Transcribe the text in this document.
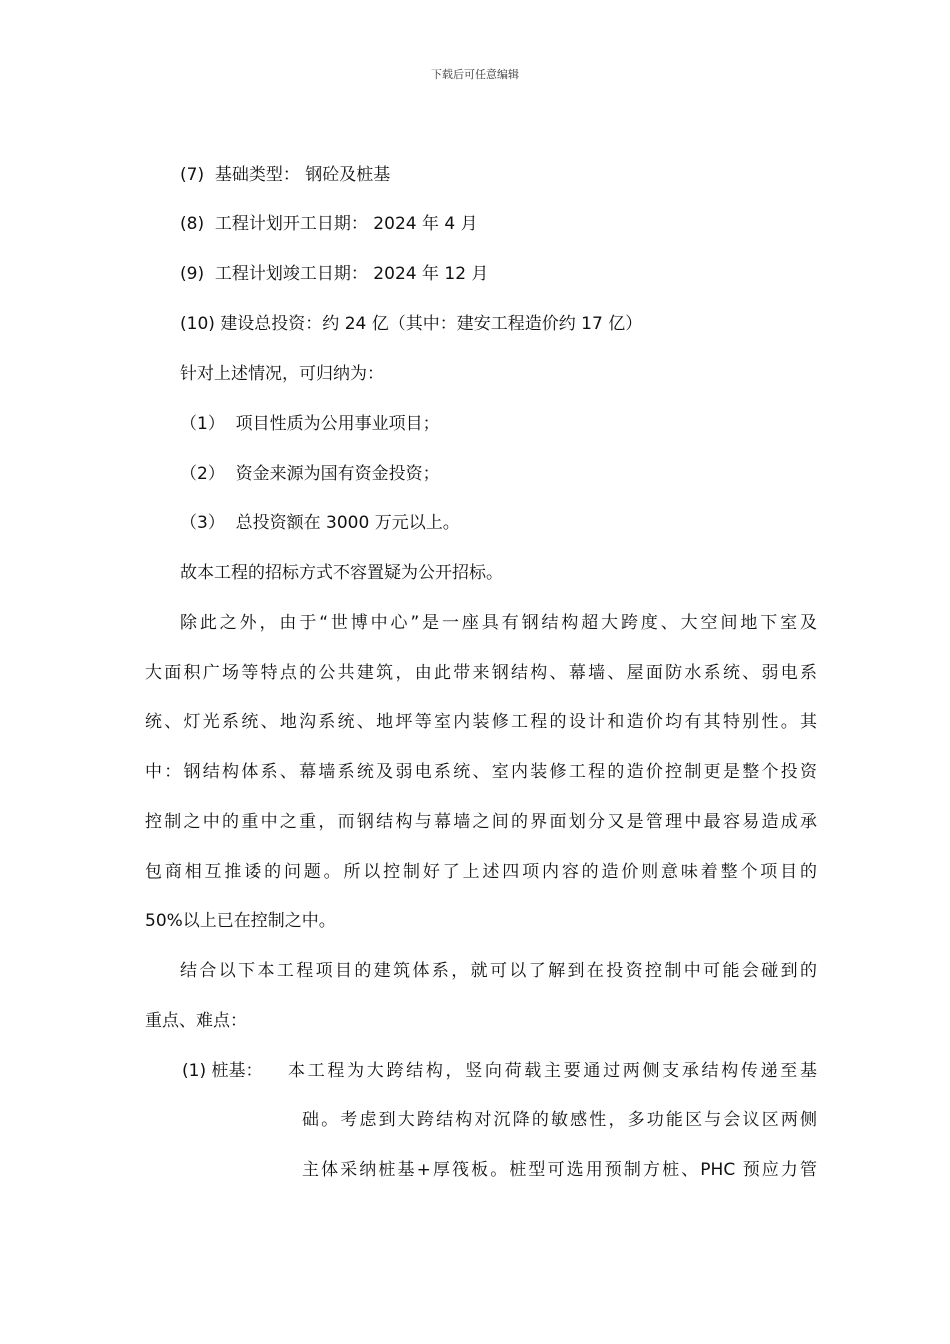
下载后可任意编辑
(7) 基础类型： 钢砼及桩基
(8) 工程计划开工日期： 2024 年 4 月
(9) 工程计划竣工日期： 2024 年 12 月
(10) 建设总投资：约 24 亿（其中：建安工程造价约 17 亿）
针对上述情况，可归纳为：
（1） 项目性质为公用事业项目；
（2） 资金来源为国有资金投资；
（3） 总投资额在 3000 万元以上。
故本工程的招标方式不容置疑为公开招标。
除此之外，由于“世博中心”是一座具有钢结构超大跨度、大空间地下室及
大面积广场等特点的公共建筑，由此带来钢结构、幕墙、屋面防水系统、弱电系
统、灯光系统、地沟系统、地坪等室内装修工程的设计和造价均有其特别性。其
中：钢结构体系、幕墙系统及弱电系统、室内装修工程的造价控制更是整个投资
控制之中的重中之重，而钢结构与幕墙之间的界面划分又是管理中最容易造成承
包商相互推诿的问题。所以控制好了上述四项内容的造价则意味着整个项目的
50%以上已在控制之中。
结合以下本工程项目的建筑体系，就可以了解到在投资控制中可能会碰到的
重点、难点：
(1) 桩基： 本工程为大跨结构，竖向荷载主要通过两侧支承结构传递至基
础。考虑到大跨结构对沉降的敏感性，多功能区与会议区两侧
主体采纳桩基+厚筏板。桩型可选用预制方桩、PHC 预应力管
